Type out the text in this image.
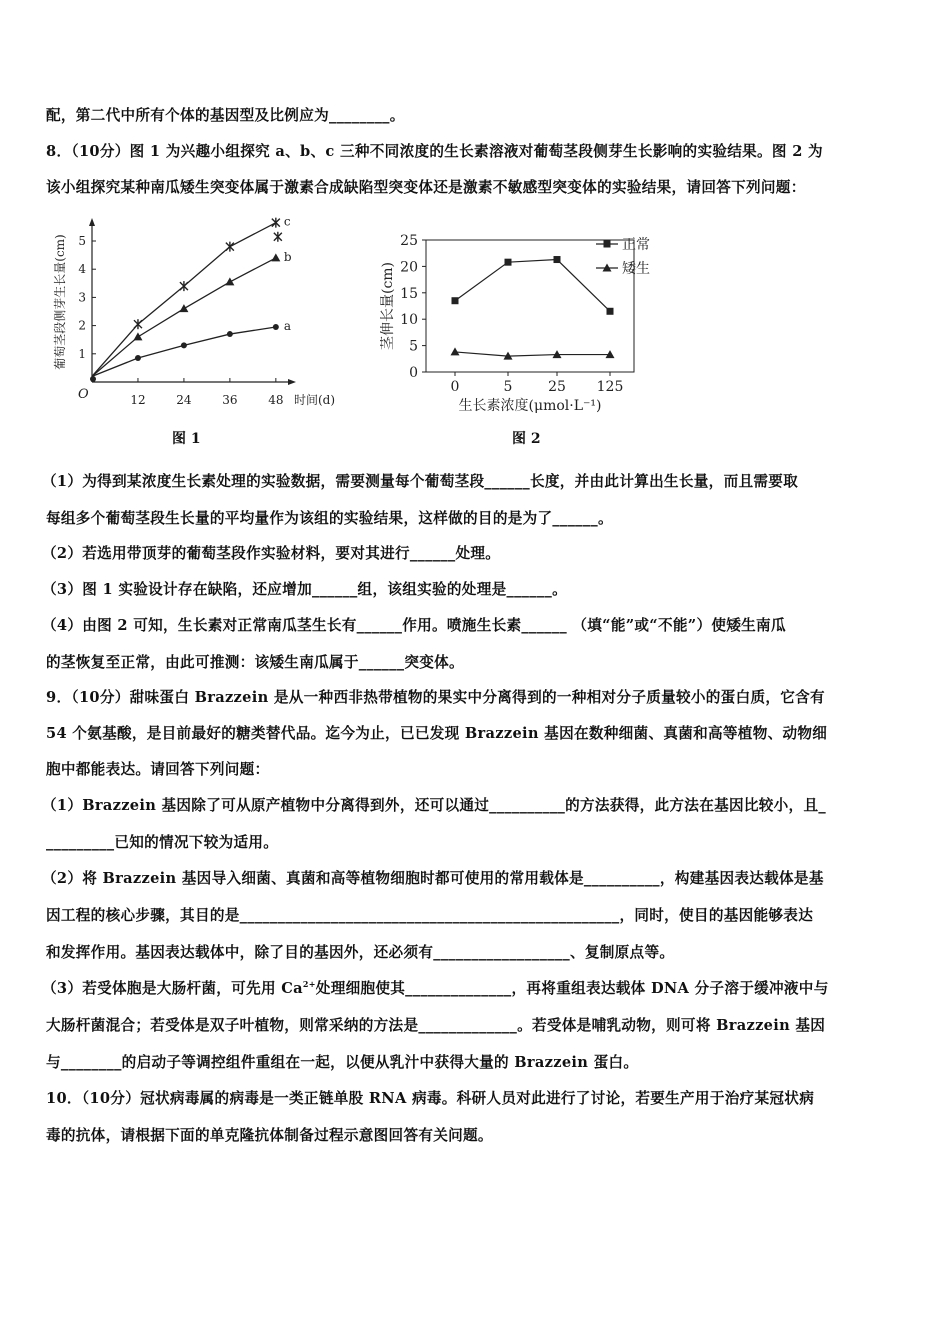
配，第二代中所有个体的基因型及比例应为________。
8．（10分）图 1 为兴趣小组探究 a、b、c 三种不同浓度的生长素溶液对葡萄茎段侧芽生长影响的实验结果。图 2 为
该小组探究某种南瓜矮生突变体属于激素合成缺陷型突变体还是激素不敏感型突变体的实验结果，请回答下列问题：
1
2
3
4
5
12	24	36	48
O	时间(d)
葡萄茎段侧芽生长量(cm)	a
b
c
图 1
0
5
10
15
20
25
0	5	25 125
生长素浓度(μmol·L⁻¹)
茎伸长量(cm)
正常
矮生
图 2
（1）为得到某浓度生长素处理的实验数据，需要测量每个葡萄茎段______长度，并由此计算出生长量，而且需要取
每组多个葡萄茎段生长量的平均量作为该组的实验结果，这样做的目的是为了______。
（2）若选用带顶芽的葡萄茎段作实验材料，要对其进行______处理。
（3）图 1 实验设计存在缺陷，还应增加______组，该组实验的处理是______。
（4）由图 2 可知，生长素对正常南瓜茎生长有______作用。喷施生长素______ （填“能”或“不能”）使矮生南瓜
的茎恢复至正常，由此可推测：该矮生南瓜属于______突变体。
9．（10分）甜味蛋白 Brazzein 是从一种西非热带植物的果实中分离得到的一种相对分子质量较小的蛋白质，它含有
54 个氨基酸，是目前最好的糖类替代品。迄今为止，已已发现 Brazzein 基因在数种细菌、真菌和高等植物、动物细
胞中都能表达。请回答下列问题：
（1）Brazzein 基因除了可从原产植物中分离得到外，还可以通过__________的方法获得，此方法在基因比较小，且_
_________已知的情况下较为适用。
（2）将 Brazzein 基因导入细菌、真菌和高等植物细胞时都可使用的常用载体是__________，构建基因表达载体是基
因工程的核心步骤，其目的是__________________________________________________，同时，使目的基因能够表达
和发挥作用。基因表达载体中，除了目的基因外，还必须有__________________、复制原点等。
（3）若受体胞是大肠杆菌，可先用 $Ca^{2+}$处理细胞使其______________，再将重组表达载体 DNA 分子溶于缓冲液中与
大肠杆菌混合；若受体是双子叶植物，则常采纳的方法是_____________。若受体是哺乳动物，则可将 Brazzein 基因
与________的启动子等调控组件重组在一起，以便从乳汁中获得大量的 Brazzein 蛋白。
10．（10分）冠状病毒属的病毒是一类正链单股 RNA 病毒。科研人员对此进行了讨论，若要生产用于治疗某冠状病
毒的抗体，请根据下面的单克隆抗体制备过程示意图回答有关问题。
